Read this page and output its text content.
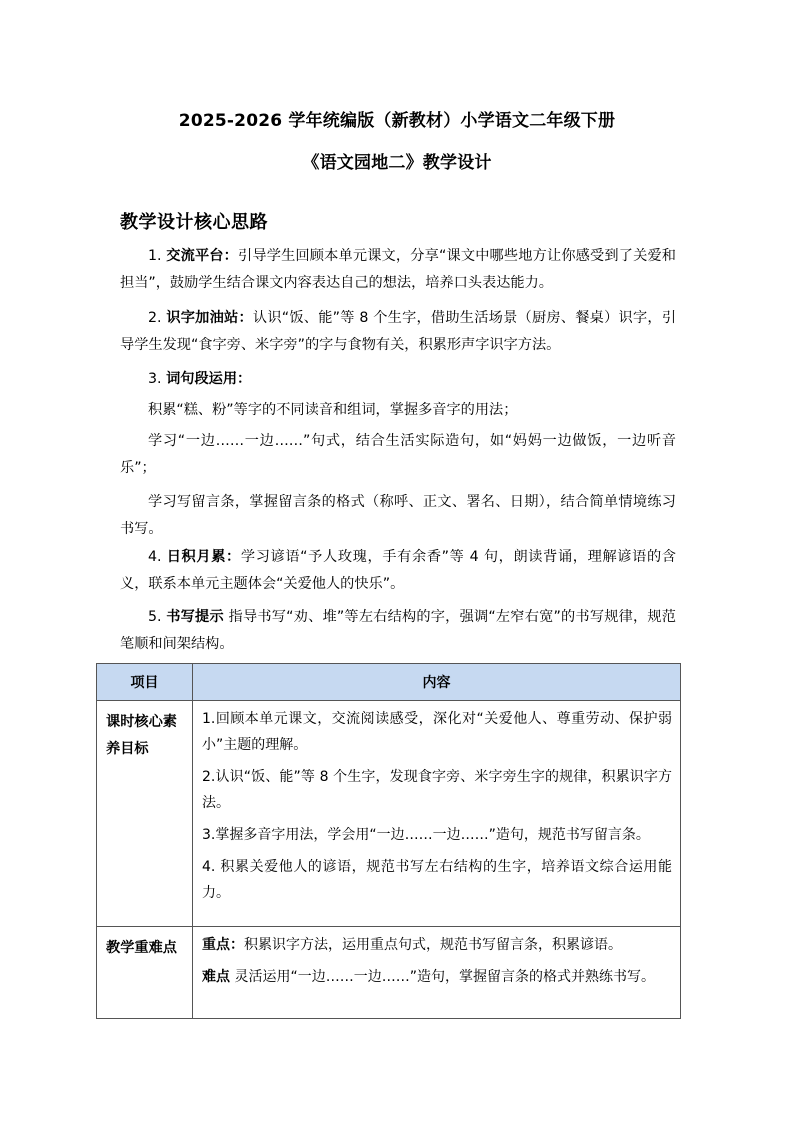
2025-2026 学年统编版（新教材）小学语文二年级下册
《语文园地二》教学设计
教学设计核心思路

1. 交流平台：引导学生回顾本单元课文，分享“课文中哪些地方让你感受到了关爱和担当”，鼓励学生结合课文内容表达自己的想法，培养口头表达能力。

2. 识字加油站：认识“饭、能”等 8 个生字，借助生活场景（厨房、餐桌）识字，引导学生发现“食字旁、米字旁”的字与食物有关，积累形声字识字方法。

3. 词句段运用：

积累“糕、粉”等字的不同读音和组词，掌握多音字的用法；

学习“一边……一边……”句式，结合生活实际造句，如“妈妈一边做饭，一边听音乐”；

学习写留言条，掌握留言条的格式（称呼、正文、署名、日期），结合简单情境练习书写。

4. 日积月累：学习谚语“予人玫瑰，手有余香”等 4 句，朗读背诵，理解谚语的含义，联系本单元主题体会“关爱他人的快乐”。

5. 书写提示 指导书写“劝、堆”等左右结构的字，强调“左窄右宽”的书写规律，规范笔顺和间架结构。

项目	内容
课时核心素养目标	1.回顾本单元课文，交流阅读感受，深化对“关爱他人、尊重劳动、保护弱小”主题的理解。

2.认识“饭、能”等 8 个生字，发现食字旁、米字旁生字的规律，积累识字方法。

3.掌握多音字用法，学会用“一边……一边……”造句，规范书写留言条。

4. 积累关爱他人的谚语，规范书写左右结构的生字，培养语文综合运用能力。

教学重难点	重点：积累识字方法，运用重点句式，规范书写留言条，积累谚语。

难点 灵活运用“一边……一边……”造句，掌握留言条的格式并熟练书写。
